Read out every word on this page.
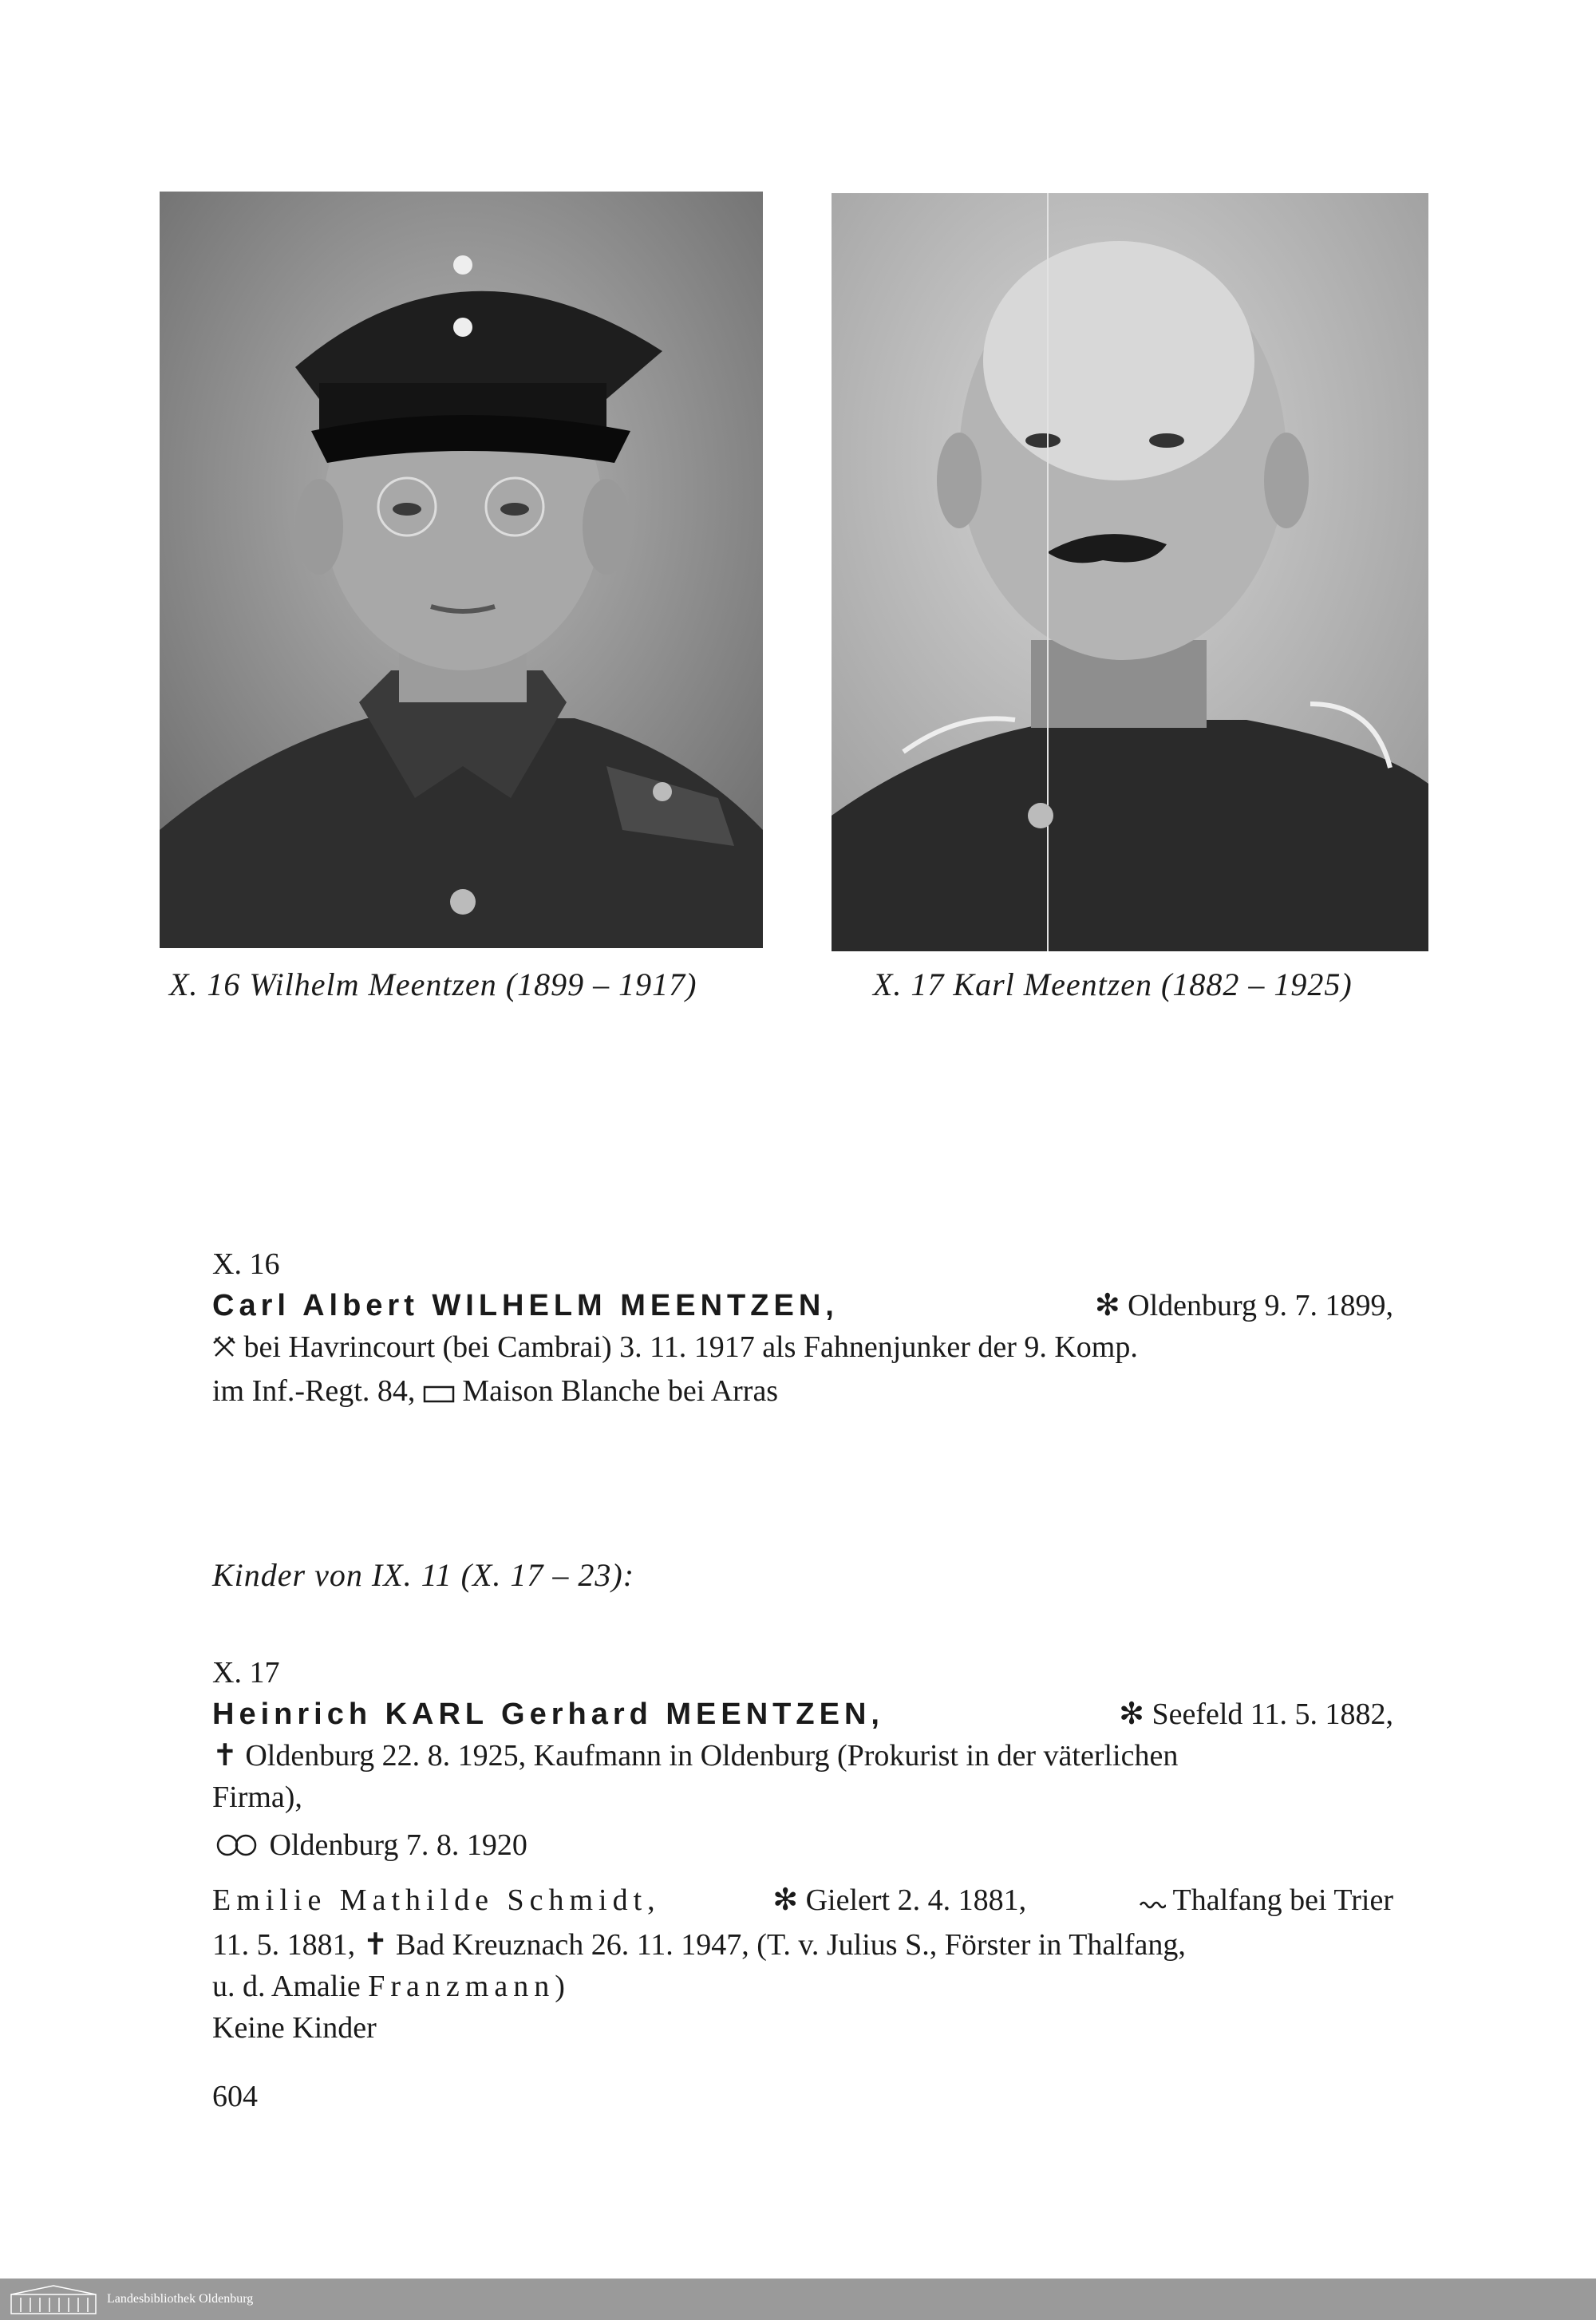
X. 16 Wilhelm Meentzen (1899 – 1917)	X. 17 Karl Meentzen (1882 – 1925)
X. 16
Carl Albert WILHELM MEENTZEN,	✻ Oldenburg 9. 7. 1899,
bei Havrincourt (bei Cambrai) 3. 11. 1917 als Fahnenjunker der 9. Komp.
im Inf.-Regt. 84, Maison Blanche bei Arras
Kinder von IX. 11 (X. 17 – 23):
X. 17
Heinrich KARL Gerhard MEENTZEN,	✻ Seefeld 11. 5. 1882,
✝ Oldenburg 22. 8. 1925, Kaufmann in Oldenburg (Prokurist in der väterlichen
Firma),
Oldenburg 7. 8. 1920
Emilie Mathilde Schmidt,	✻ Gielert 2. 4. 1881,	Thalfang bei Trier
11. 5. 1881, ✝ Bad Kreuznach 26. 11. 1947, (T. v. Julius S., Förster in Thalfang,
u. d. Amalie Franzmann)
Keine Kinder
604
Landesbibliothek Oldenburg
